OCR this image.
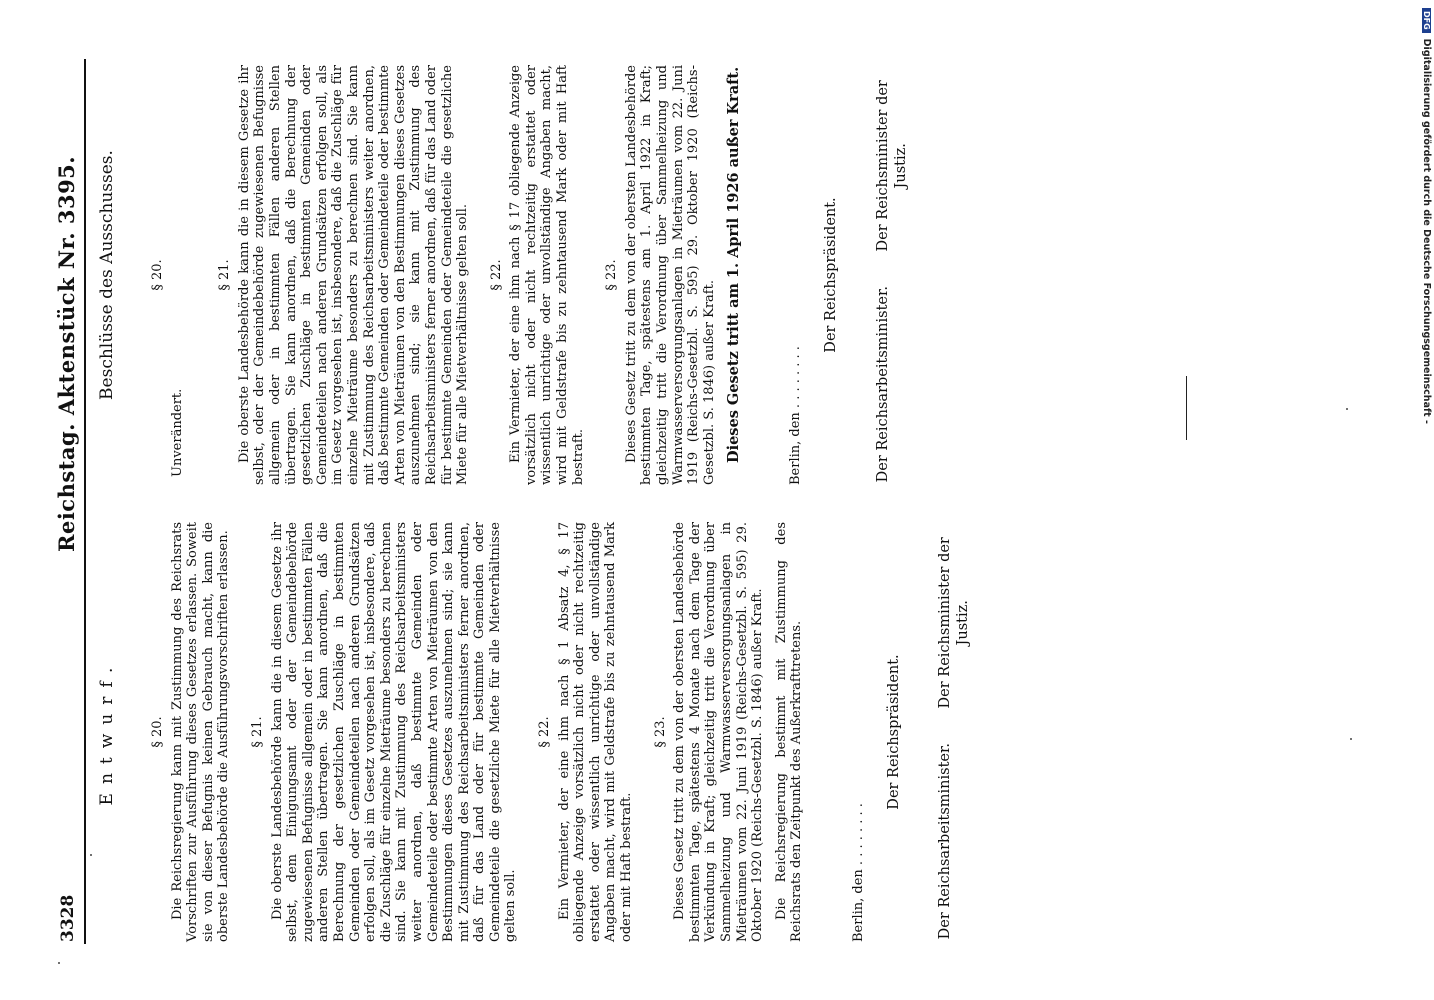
3328
Reichstag. Aktenstück Nr. 3395.
Entwurf.	§ 20. Die Reichsregierung kann mit Zustimmung des Reichsrats Vorschriften zur Ausführung dieses Gesetzes erlassen. Soweit sie von dieser Befugnis keinen Gebrauch macht, kann die oberste Landesbehörde die Ausführungsvorschriften erlassen. § 21. Die oberste Landesbehörde kann die in diesem Gesetze ihr selbst, dem Einigungsamt oder der Gemeindebehörde zugewiesenen Befugnisse allgemein oder in bestimmten Fällen anderen Stellen übertragen. Sie kann anordnen, daß die Berechnung der gesetzlichen Zuschläge in bestimmten Gemeinden oder Gemeindeteilen nach anderen Grundsätzen erfolgen soll, als im Gesetz vorgesehen ist, insbesondere, daß die Zuschläge für einzelne Mieträume besonders zu berechnen sind. Sie kann mit Zustimmung des Reichsarbeitsministers weiter anordnen, daß bestimmte Gemeinden oder Gemeindeteile oder bestimmte Arten von Mieträumen von den Bestimmungen dieses Gesetzes auszunehmen sind; sie kann mit Zustimmung des Reichsarbeitsministers ferner anordnen, daß für das Land oder für bestimmte Gemeinden oder Gemeindeteile die gesetzliche Miete für alle Mietverhältnisse gelten soll.

§ 22. Ein Vermieter, der eine ihm nach § 1 Absatz 4, § 17 obliegende Anzeige vorsätzlich nicht oder nicht rechtzeitig erstattet oder wissentlich unrichtige oder unvollständige Angaben macht, wird mit Geldstrafe bis zu zehntausend Mark oder mit Haft bestraft.

§ 23. Dieses Gesetz tritt zu dem von der obersten Landesbehörde bestimmten Tage, spätestens 4 Monate nach dem Tage der Verkündung in Kraft; gleichzeitig tritt die Verordnung über Sammelheizung und Warmwasserversorgungsanlagen in Mieträumen vom 22. Juni 1919 (Reichs-Gesetzbl. S. 595) 29. Oktober 1920 (Reichs-Gesetzbl. S. 1846) außer Kraft. Die Reichsregierung bestimmt mit Zustimmung des Reichsrats den Zeitpunkt des Außerkrafttretens.	Berlin, den . . . . . . . .
Der Reichspräsident.
Der Reichsarbeitsminister.
Der Reichsminister der Justiz.
Beschlüsse des Ausschusses.	§ 20.

Unverändert.

§ 21. Die oberste Landesbehörde kann die in diesem Gesetze ihr selbst, oder der Gemeindebehörde zugewiesenen Befugnisse allgemein oder in bestimmten Fällen anderen Stellen übertragen. Sie kann anordnen, daß die Berechnung der gesetzlichen Zuschläge in bestimmten Gemeinden oder Gemeindeteilen nach anderen Grundsätzen erfolgen soll, als im Gesetz vorgesehen ist, insbesondere, daß die Zuschläge für einzelne Mieträume besonders zu berechnen sind. Sie kann mit Zustimmung des Reichsarbeitsministers weiter anordnen, daß bestimmte Gemeinden oder Gemeindeteile oder bestimmte Arten von Mieträumen von den Bestimmungen dieses Gesetzes auszunehmen sind; sie kann mit Zustimmung des Reichsarbeitsministers ferner anordnen, daß für das Land oder für bestimmte Gemeinden oder Gemeindeteile die gesetzliche Miete für alle Mietverhältnisse gelten soll. § 22. Ein Vermieter, der eine ihm nach § 17 obliegende Anzeige vorsätzlich nicht oder nicht rechtzeitig erstattet oder wissentlich unrichtige oder unvollständige Angaben macht, wird mit Geldstrafe bis zu zehntausend Mark oder mit Haft bestraft.

§ 23. Dieses Gesetz tritt zu dem von der obersten Landesbehörde bestimmten Tage, spätestens am 1. April 1922 in Kraft; gleichzeitig tritt die Verordnung über Sammelheizung und Warmwasserversorgungsanlagen in Mieträumen vom 22. Juni 1919 (Reichs-Gesetzbl. S. 595) 29. Oktober 1920 (Reichs-Gesetzbl. S. 1846) außer Kraft. Dieses Gesetz tritt am 1. April 1926 außer Kraft.	Berlin, den . . . . . . . .
Der Reichspräsident.
Der Reichsarbeitsminister.
Der Reichsminister der Justiz.
DFGDigitalisierung gefördert durch die Deutsche Forschungsgemeinschaft -
